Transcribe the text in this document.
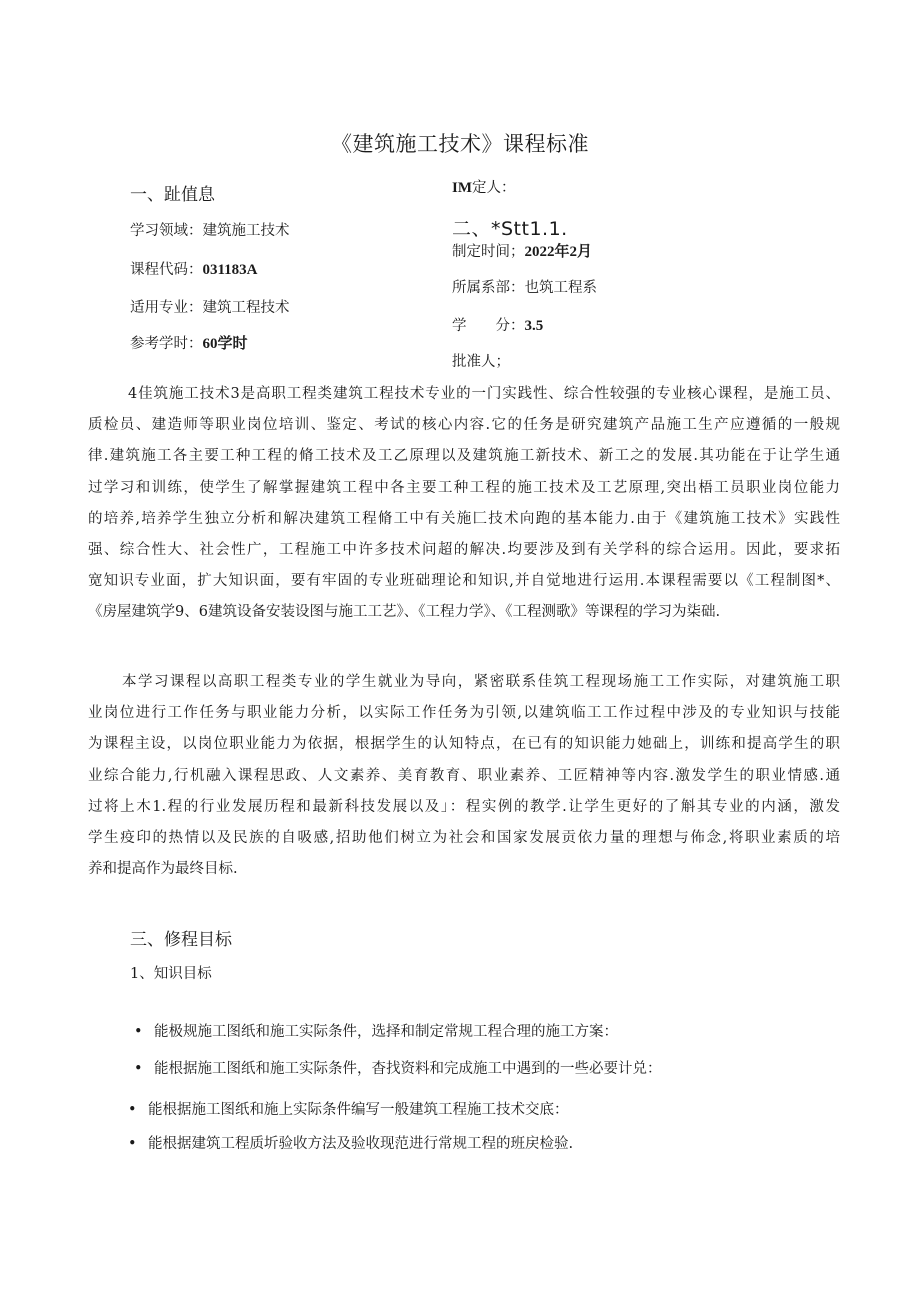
《建筑施工技术》课程标准
一、趾值息
学习领域：建筑施工技术
课程代码：031183A
适用专业：建筑工程技术
参考学时：60学时
IM定人：
二、*Stt1.1.
制定时间；2022年2月
所属系部：也筑工程系
学　　分：3.5
批准人；
4佳筑施工技术3是高职工程类建筑工程技术专业的一门实践性、综合性较强的专业核心课程，是施工员、
质检员、建造师等职业岗位培训、鉴定、考试的核心内容.它的任务是研究建筑产品施工生产应遵循的一般规
律.建筑施工各主要工种工程的脩工技术及工乙原理以及建筑施工新技术、新工之的发展.其功能在于让学生通
过学习和训练，使学生了解掌握建筑工程中各主要工种工程的施工技术及工艺原理,突出梧工员职业岗位能力
的培养,培养学生独立分析和解决建筑工程脩工中有关施匚技术向跑的基本能力.由于《建筑施工技术》实践性
强、综合性大、社会性广，工程施工中许多技术问超的解决.均要涉及到有关学科的综合运用。因此，要求拓
宽知识专业面，扩大知识面，要有牢固的专业班础理论和知识,并自觉地进行运用.本课程需要以《工程制图*、
《房屋建筑学9、6建筑设备安装设图与施工工艺》、《工程力学》、《工程测歌》等课程的学习为柒础.
本学习课程以高职工程类专业的学生就业为导向，紧密联系佳筑工程现场施工工作实际，对建筑施工职
业岗位进行工作任务与职业能力分析，以实际工作任务为引领,以建筑临工工作过程中涉及的专业知识与技能
为课程主设，以岗位职业能力为依据，根据学生的认知特点，在已有的知识能力她础上，训练和提高学生的职
业综合能力,行机融入课程思政、人文素养、美育教育、职业素养、工匠精神等内容.激发学生的职业情感.通
过将上木1.程的行业发展历程和最新科技发展以及」：程实例的教学.让学生更好的了斛其专业的内涵，激发
学生疫印的热情以及民族的自吸感,招助他们树立为社会和国家发展贡依力量的理想与佈念,将职业素质的培
养和提高作为最终目标.
三、修程目标
1、知识目标
• 能极规施工图纸和施工实际条件，选择和制定常规工程合理的施工方案：
• 能根据施工图纸和施工实际条件，杳找资料和完成施工中遇到的一些必要计兑：
• 能根据施工图纸和施上实际条件编写一般建筑工程施工技术交底：
• 能根据建筑工程质圻验收方法及验收现范进行常规工程的班戻检验.
